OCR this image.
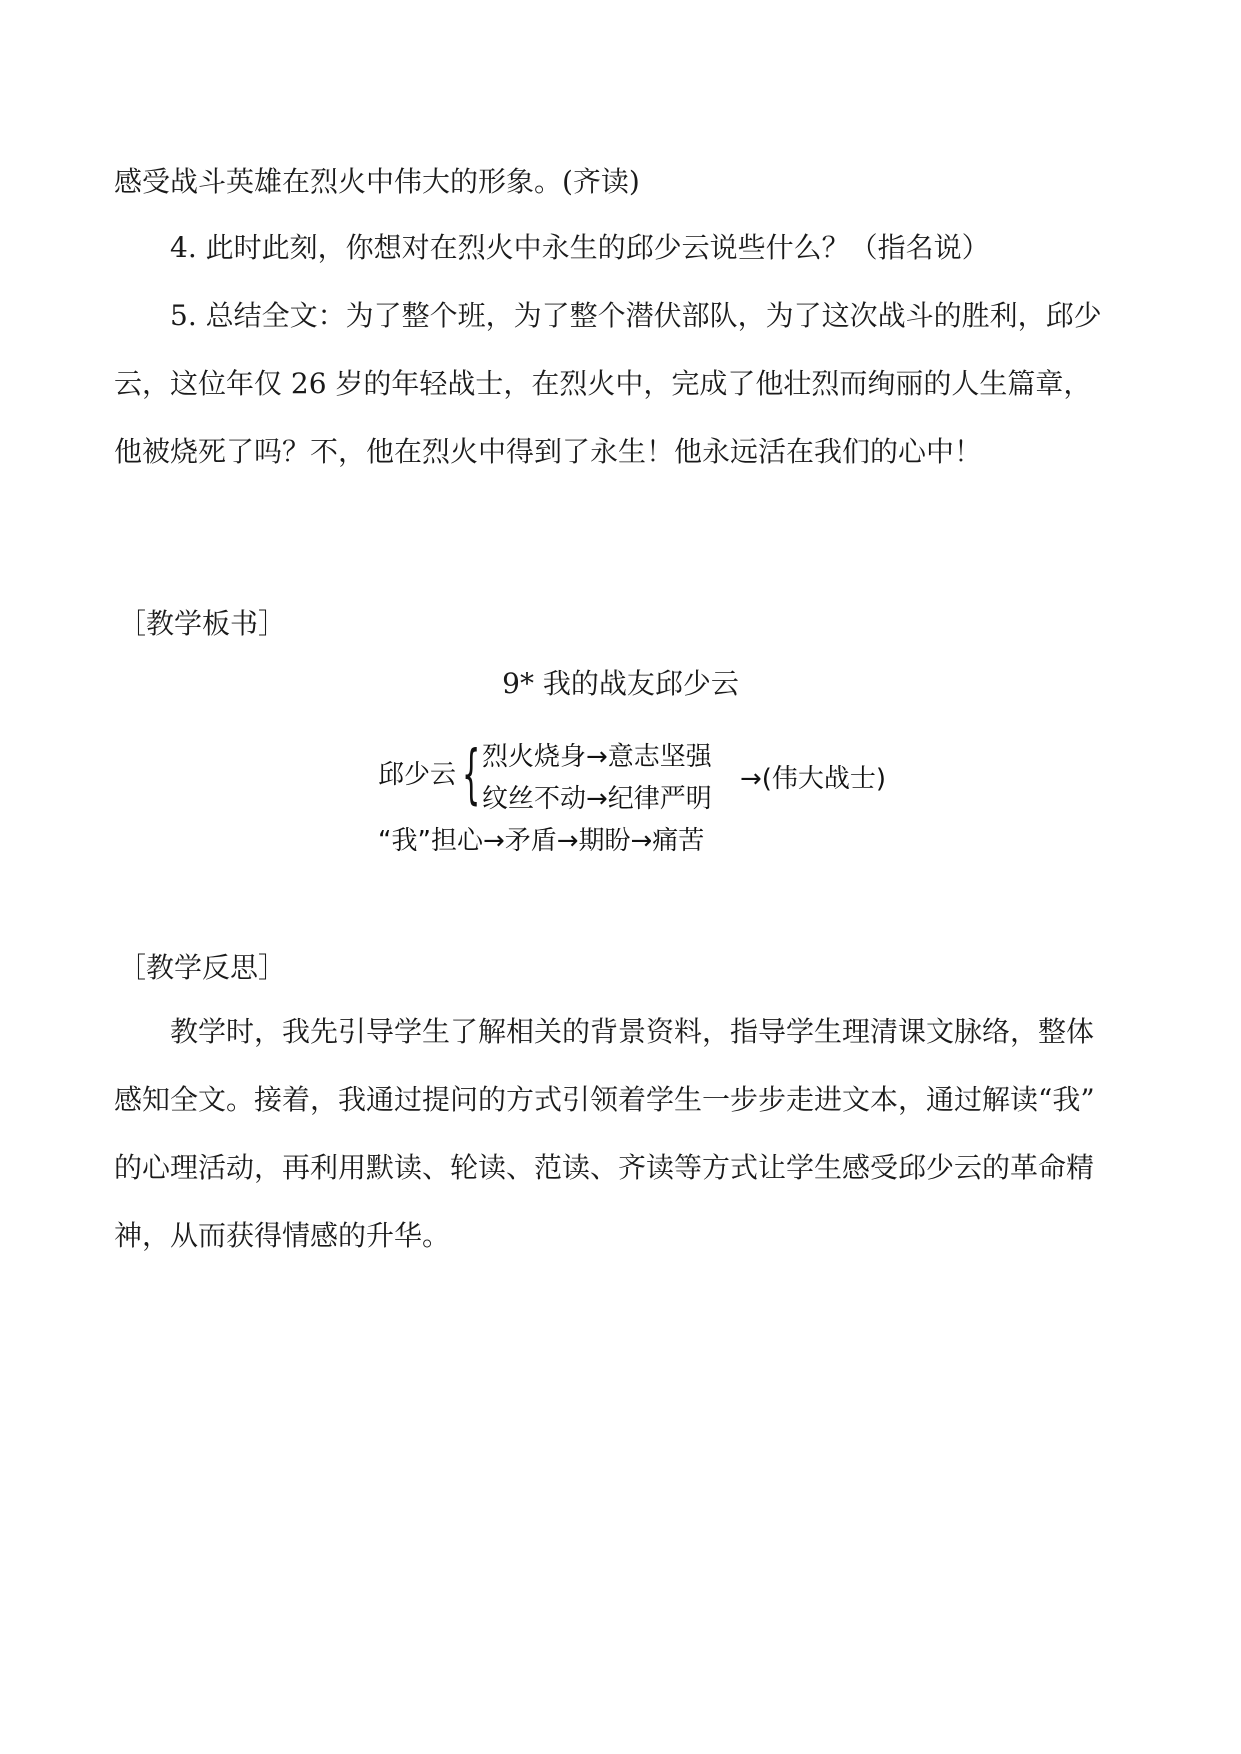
感受战斗英雄在烈火中伟大的形象。(齐读)
4. 此时此刻，你想对在烈火中永生的邱少云说些什么？（指名说）
5. 总结全文：为了整个班，为了整个潜伏部队，为了这次战斗的胜利，邱少
云，这位年仅 26 岁的年轻战士，在烈火中，完成了他壮烈而绚丽的人生篇章，
他被烧死了吗？不，他在烈火中得到了永生！他永远活在我们的心中！
［教学板书］
9* 我的战友邱少云
邱少云 { 烈火烧身→意志坚强
纹丝不动→纪律严明
→(伟大战士)
“我”担心→矛盾→期盼→痛苦
［教学反思］
教学时，我先引导学生了解相关的背景资料，指导学生理清课文脉络，整体
感知全文。接着，我通过提问的方式引领着学生一步步走进文本，通过解读“我”
的心理活动，再利用默读、轮读、范读、齐读等方式让学生感受邱少云的革命精
神，从而获得情感的升华。
